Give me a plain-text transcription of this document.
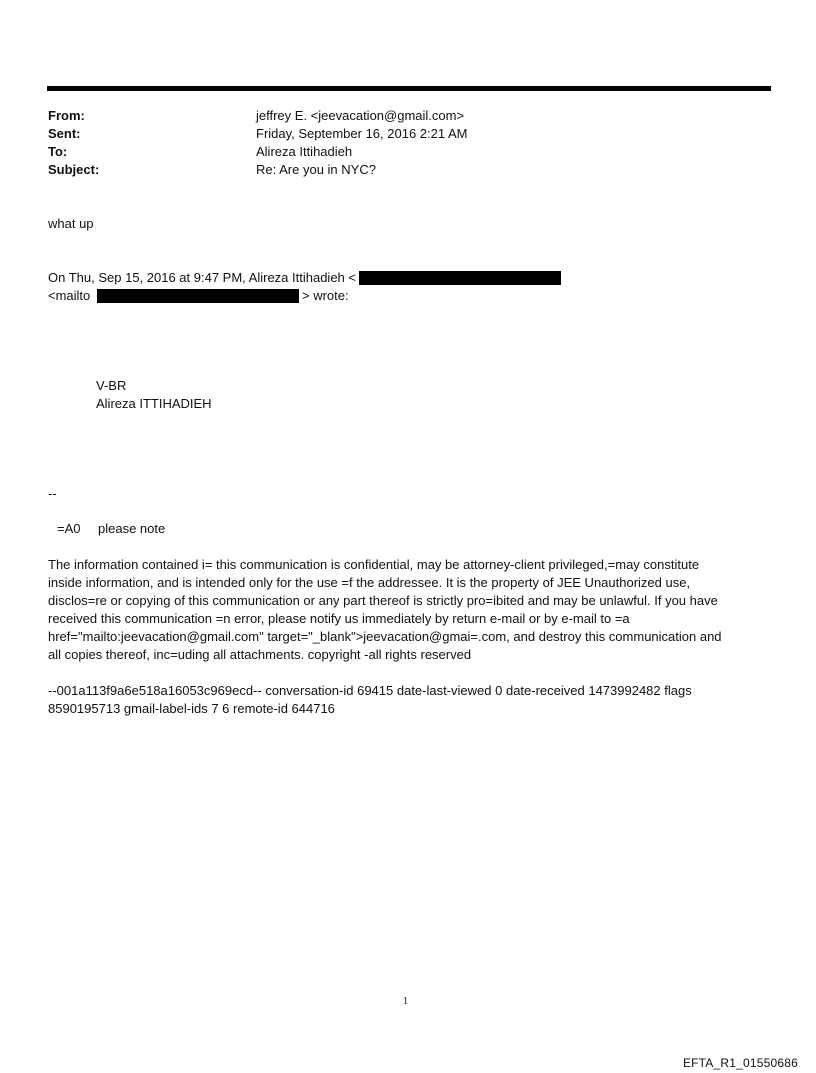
From:	jeffrey E. <jeevacation@gmail.com>
Sent:	Friday, September 16, 2016 2:21 AM
To:	Alireza Ittihadieh
Subject:	Re: Are you in NYC?
what up
On Thu, Sep 15, 2016 at 9:47 PM, Alireza Ittihadieh <
<mailto	> wrote:
V-BR
Alireza ITTIHADIEH
--
=A0 please note
The information contained i= this communication is confidential, may be attorney-client privileged,=may constitute
inside information, and is intended only for the use =f the addressee. It is the property of JEE Unauthorized use,
disclos=re or copying of this communication or any part thereof is strictly pro=ibited and may be unlawful. If you have
received this communication =n error, please notify us immediately by return e-mail or by e-mail to =a
href="mailto:jeevacation@gmail.com" target="_blank">jeevacation@gmai=.com, and destroy this communication and
all copies thereof, inc=uding all attachments. copyright -all rights reserved
--001a113f9a6e518a16053c969ecd-- conversation-id 69415 date-last-viewed 0 date-received 1473992482 flags
8590195713 gmail-label-ids 7 6 remote-id 644716
1
EFTA_R1_01550686
